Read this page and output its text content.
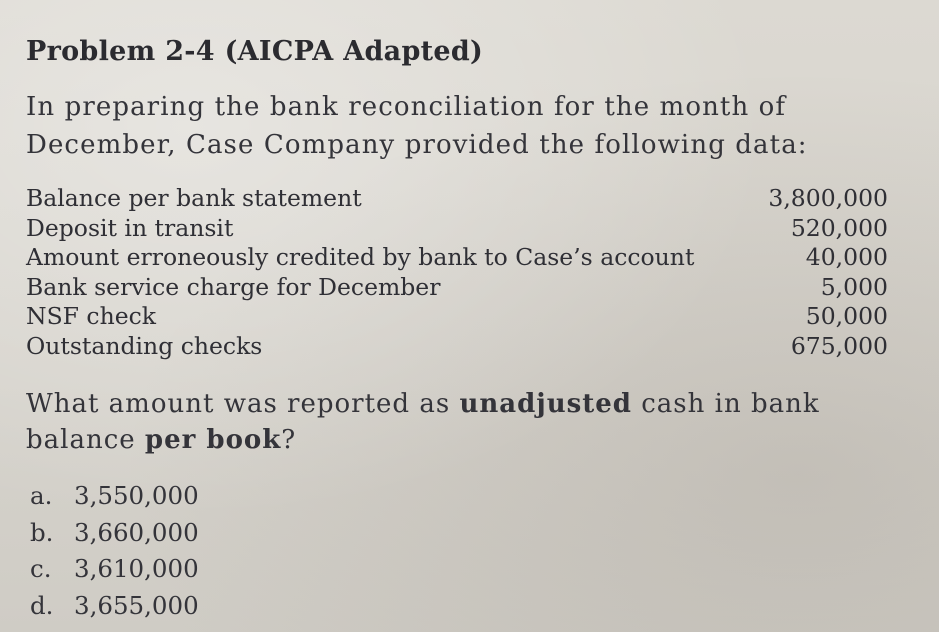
Problem 2-4 (AICPA Adapted)
In preparing the bank reconciliation for the month of December, Case Company provided the following data:
Balance per bank statement	3,800,000
Deposit in transit	520,000
Amount erroneously credited by bank to Case’s account	40,000
Bank service charge for December	5,000
NSF check	50,000
Outstanding checks	675,000
What amount was reported as unadjusted cash in bank balance per book?
a. 3,550,000
b. 3,660,000
c. 3,610,000
d. 3,655,000
